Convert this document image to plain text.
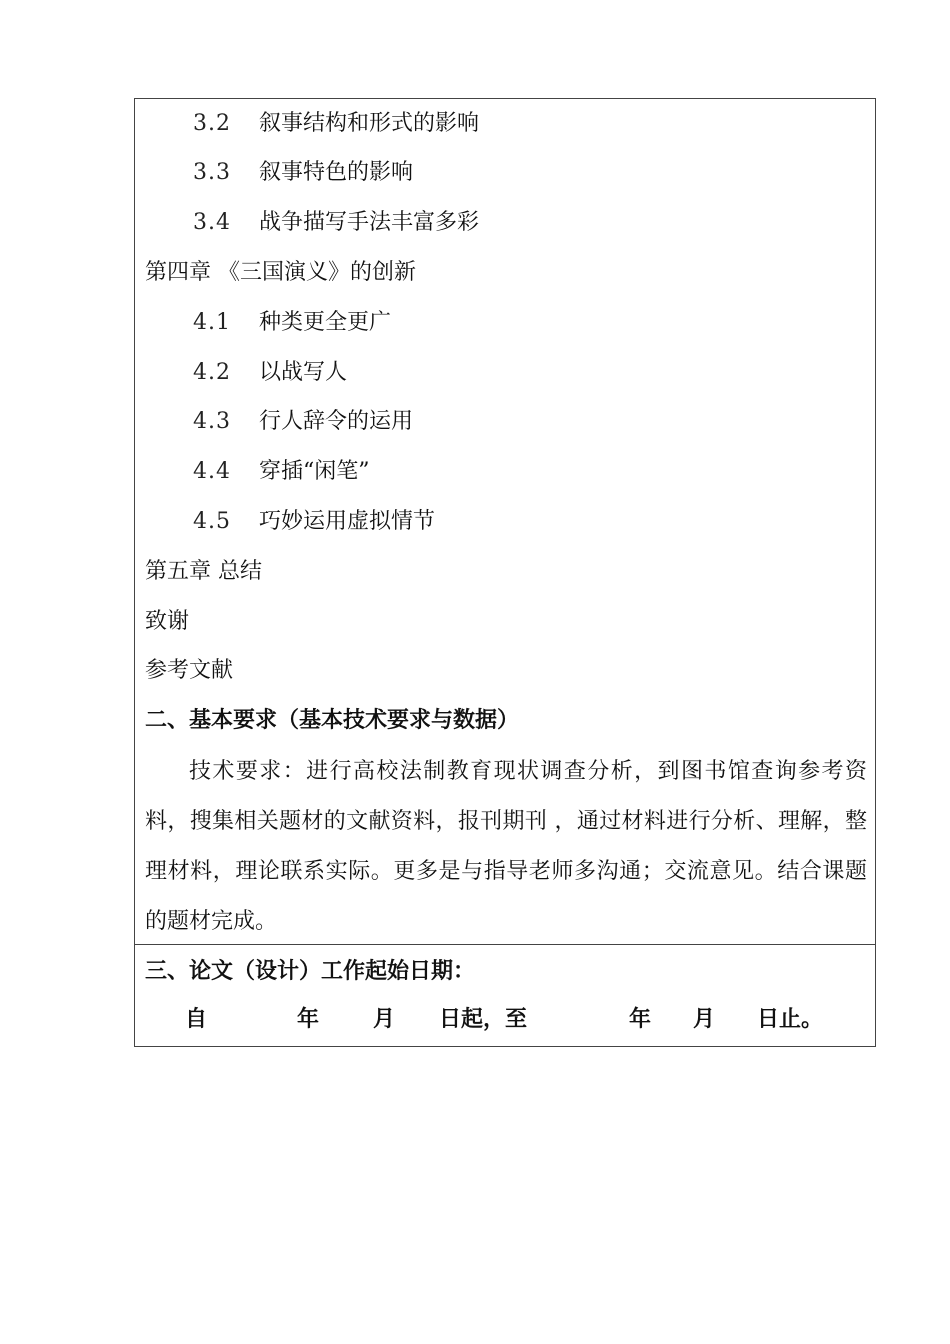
3.2 叙事结构和形式的影响
3.3 叙事特色的影响
3.4 战争描写手法丰富多彩
第四章 《三国演义》的创新
4.1 种类更全更广
4.2 以战写人
4.3 行人辞令的运用
4.4 穿插“闲笔”
4.5 巧妙运用虚拟情节
第五章 总结
致谢
参考文献
二、基本要求（基本技术要求与数据）
技术要求：进行高校法制教育现状调查分析，到图书馆查询参考资料，搜集相关题材的文献资料，报刊期刊 ，通过材料进行分析、理解，整理材料，理论联系实际。更多是与指导老师多沟通；交流意见。结合课题的题材完成。
三、论文（设计）工作起始日期：
自	年 月 日起，至	年 月 日止。
